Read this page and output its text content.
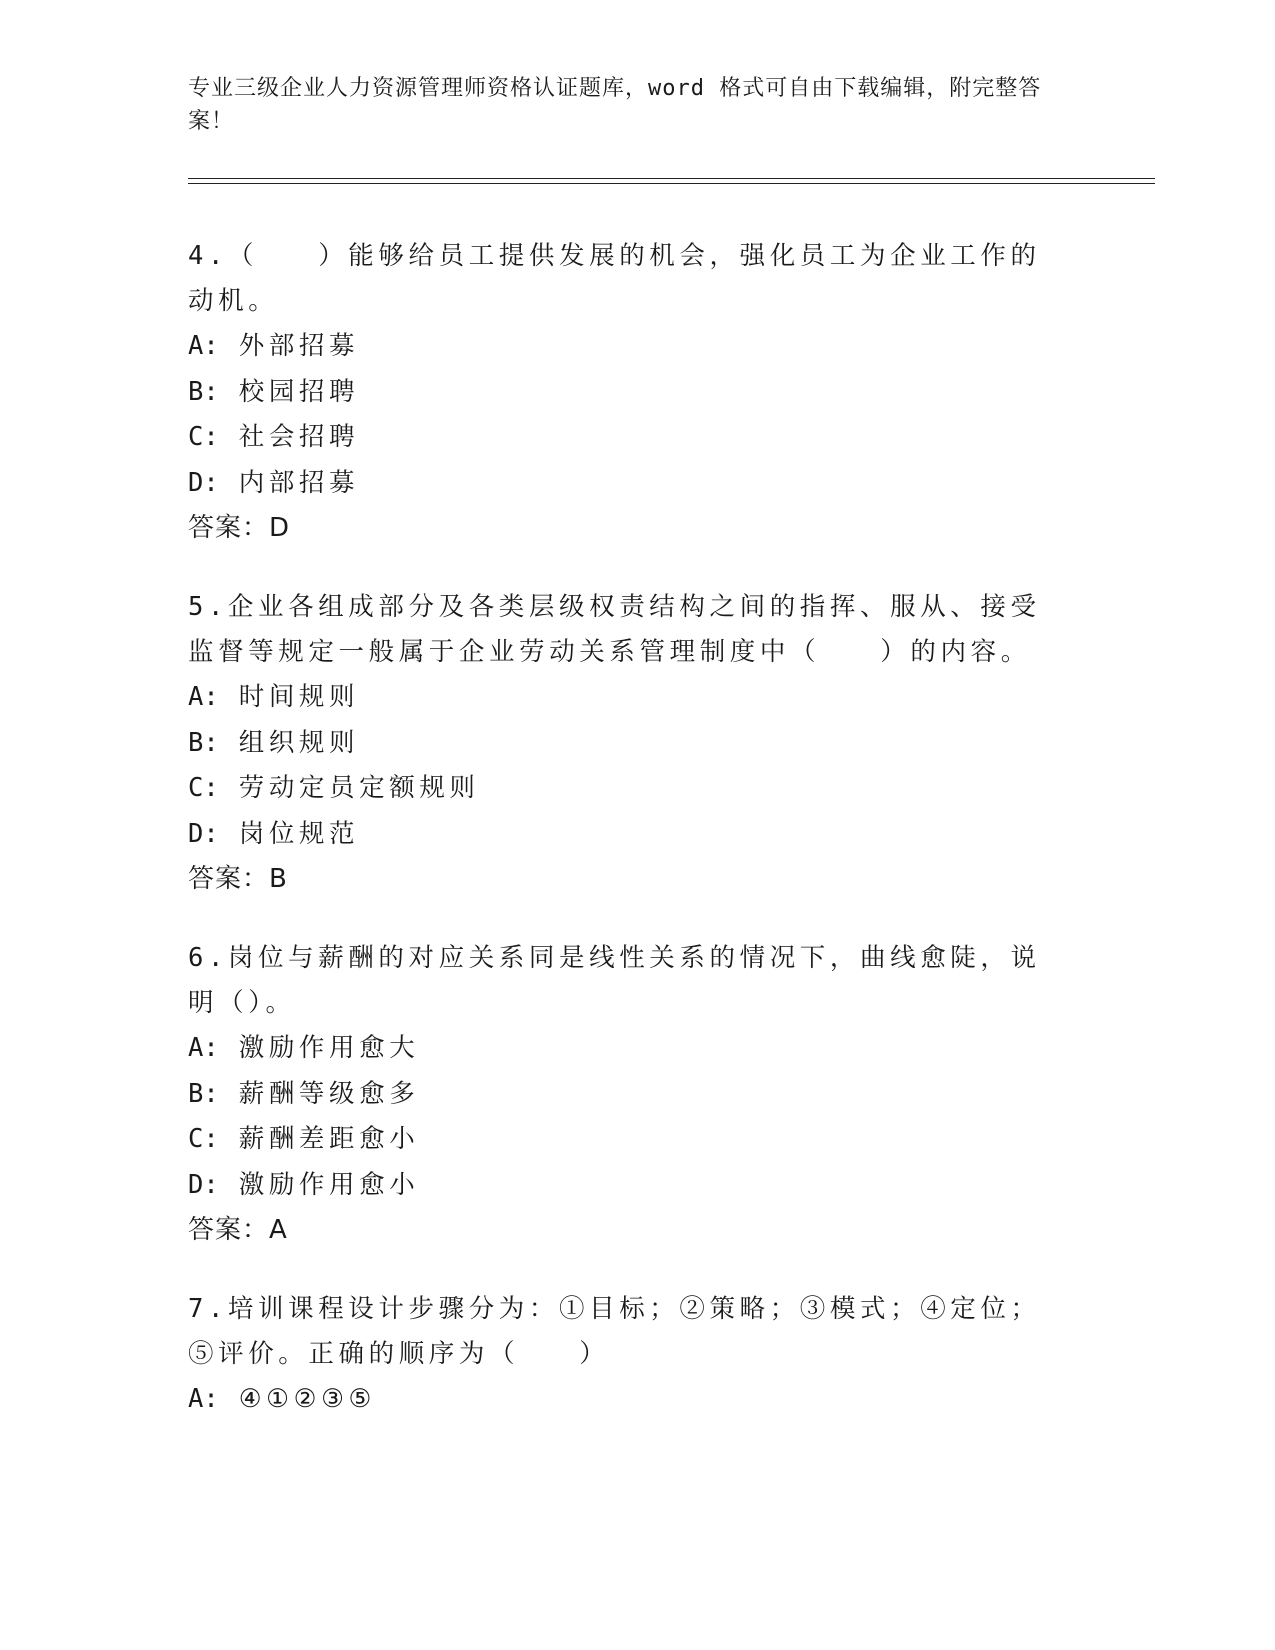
专业三级企业人力资源管理师资格认证题库，word 格式可自由下载编辑，附完整答案！
4.（　　）能够给员工提供发展的机会，强化员工为企业工作的动机。
A: 外部招募
B: 校园招聘
C: 社会招聘
D: 内部招募
答案：D
5.企业各组成部分及各类层级权责结构之间的指挥、服从、接受监督等规定一般属于企业劳动关系管理制度中（　　）的内容。
A: 时间规则
B: 组织规则
C: 劳动定员定额规则
D: 岗位规范
答案：B
6.岗位与薪酬的对应关系同是线性关系的情况下，曲线愈陡，说明（）。
A: 激励作用愈大
B: 薪酬等级愈多
C: 薪酬差距愈小
D: 激励作用愈小
答案：A
7.培训课程设计步骤分为：①目标；②策略；③模式；④定位；⑤评价。正确的顺序为（　　）
A: ④①②③⑤
